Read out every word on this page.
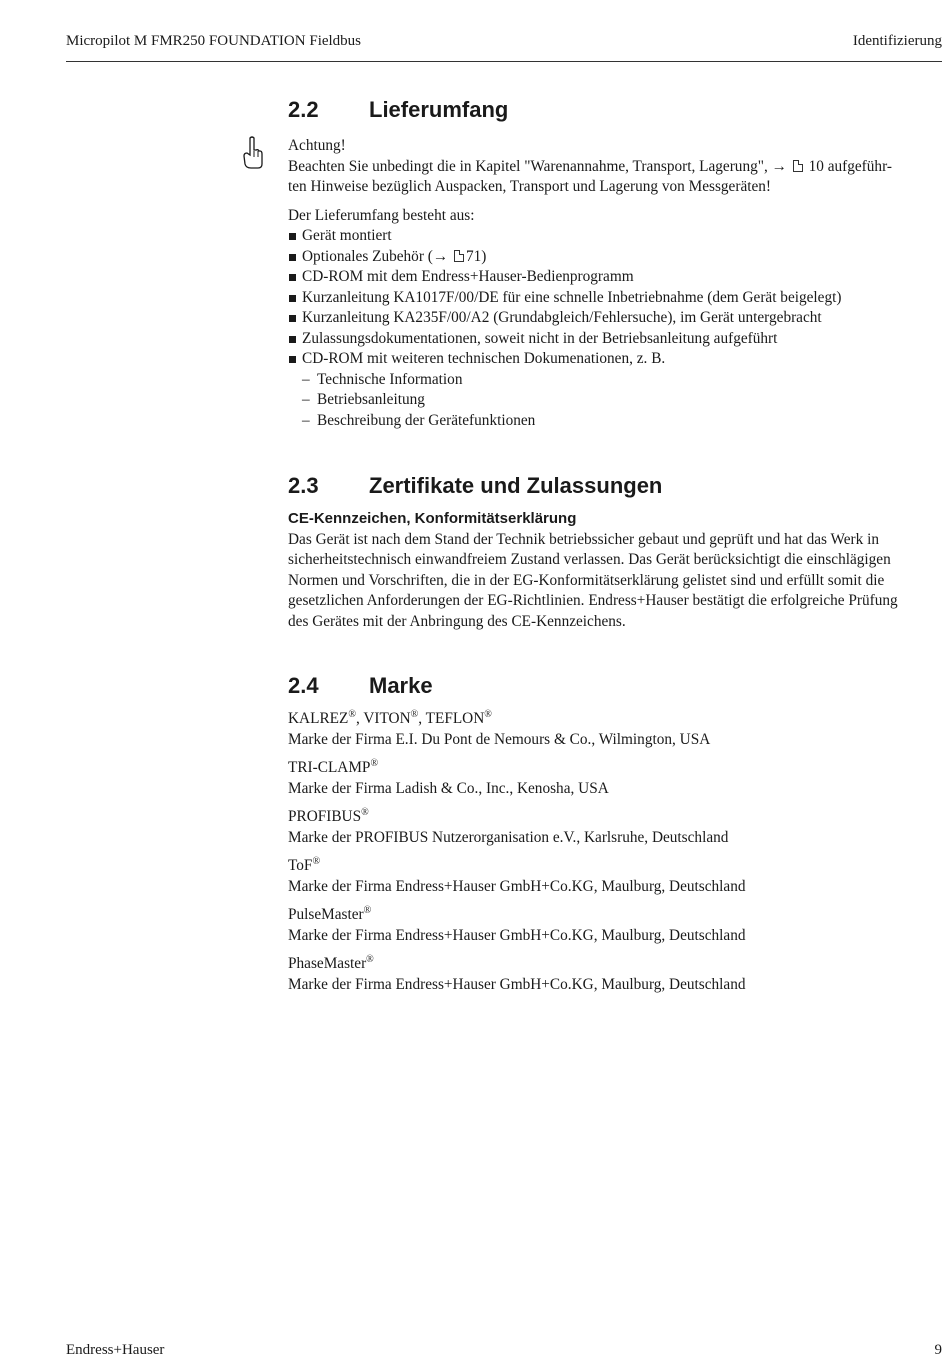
Micropilot M FMR250 FOUNDATION Fieldbus	Identifizierung
2.2	Lieferumfang

Achtung!

Beachten Sie unbedingt die in Kapitel "Warenannahme, Transport, Lagerung", → 10 aufgeführ-
ten Hinweise bezüglich Auspacken, Transport und Lagerung von Messgeräten!

Der Lieferumfang besteht aus:

Gerät montiert
Optionales Zubehör (→ 71)
CD-ROM mit dem Endress+Hauser-Bedienprogramm
Kurzanleitung KA1017F/00/DE für eine schnelle Inbetriebnahme (dem Gerät beigelegt)
Kurzanleitung KA235F/00/A2 (Grundabgleich/Fehlersuche), im Gerät untergebracht
Zulassungsdokumentationen, soweit nicht in der Betriebsanleitung aufgeführt
CD-ROM mit weiteren technischen Dokumenationen, z. B.
– Technische Information
– Betriebsanleitung
– Beschreibung der Gerätefunktionen
2.3	Zertifikate und Zulassungen

CE-Kennzeichen, Konformitätserklärung

Das Gerät ist nach dem Stand der Technik betriebssicher gebaut und geprüft und hat das Werk in
sicherheitstechnisch einwandfreiem Zustand verlassen. Das Gerät berücksichtigt die einschlägigen
Normen und Vorschriften, die in der EG-Konformitätserklärung gelistet sind und erfüllt somit die
gesetzlichen Anforderungen der EG-Richtlinien. Endress+Hauser bestätigt die erfolgreiche Prüfung
des Gerätes mit der Anbringung des CE-Kennzeichens.
2.4	Marke
KALREZ®, VITON®, TEFLON®
Marke der Firma E.I. Du Pont de Nemours & Co., Wilmington, USA
TRI-CLAMP®
Marke der Firma Ladish & Co., Inc., Kenosha, USA
PROFIBUS®
Marke der PROFIBUS Nutzerorganisation e.V., Karlsruhe, Deutschland
ToF®
Marke der Firma Endress+Hauser GmbH+Co.KG, Maulburg, Deutschland
PulseMaster®
Marke der Firma Endress+Hauser GmbH+Co.KG, Maulburg, Deutschland
PhaseMaster®
Marke der Firma Endress+Hauser GmbH+Co.KG, Maulburg, Deutschland
Endress+Hauser	9
